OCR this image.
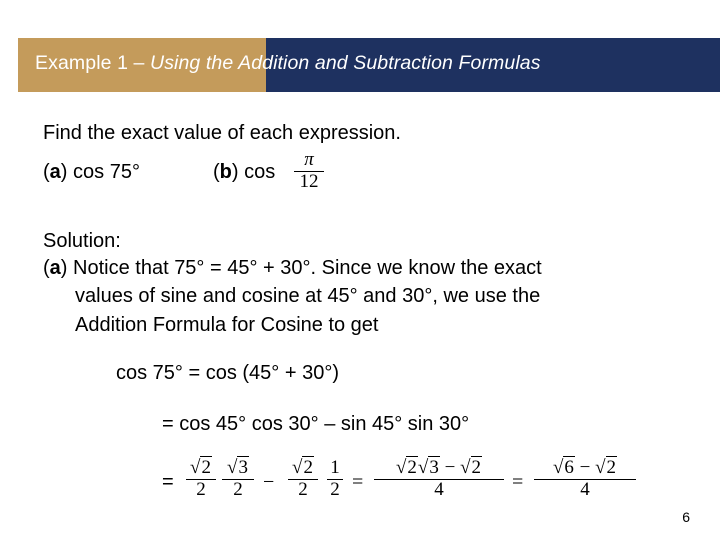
Example 1 – Using the Addition and Subtraction Formulas
Find the exact value of each expression.
(a) cos 75°	(b) cos
π
12
Solution:
(a) Notice that 75° = 45° + 30°. Since we know the exact
values of sine and cosine at 45° and 30°, we use the
Addition Formula for Cosine to get
cos 75° = cos (45° + 30°)
= cos 45° cos 30° – sin 45° sin 30°
=
√2
2
√3
2	−
√2
2
1
2 =
√2√3 − √2
4	=
√6 − √2
4
6
